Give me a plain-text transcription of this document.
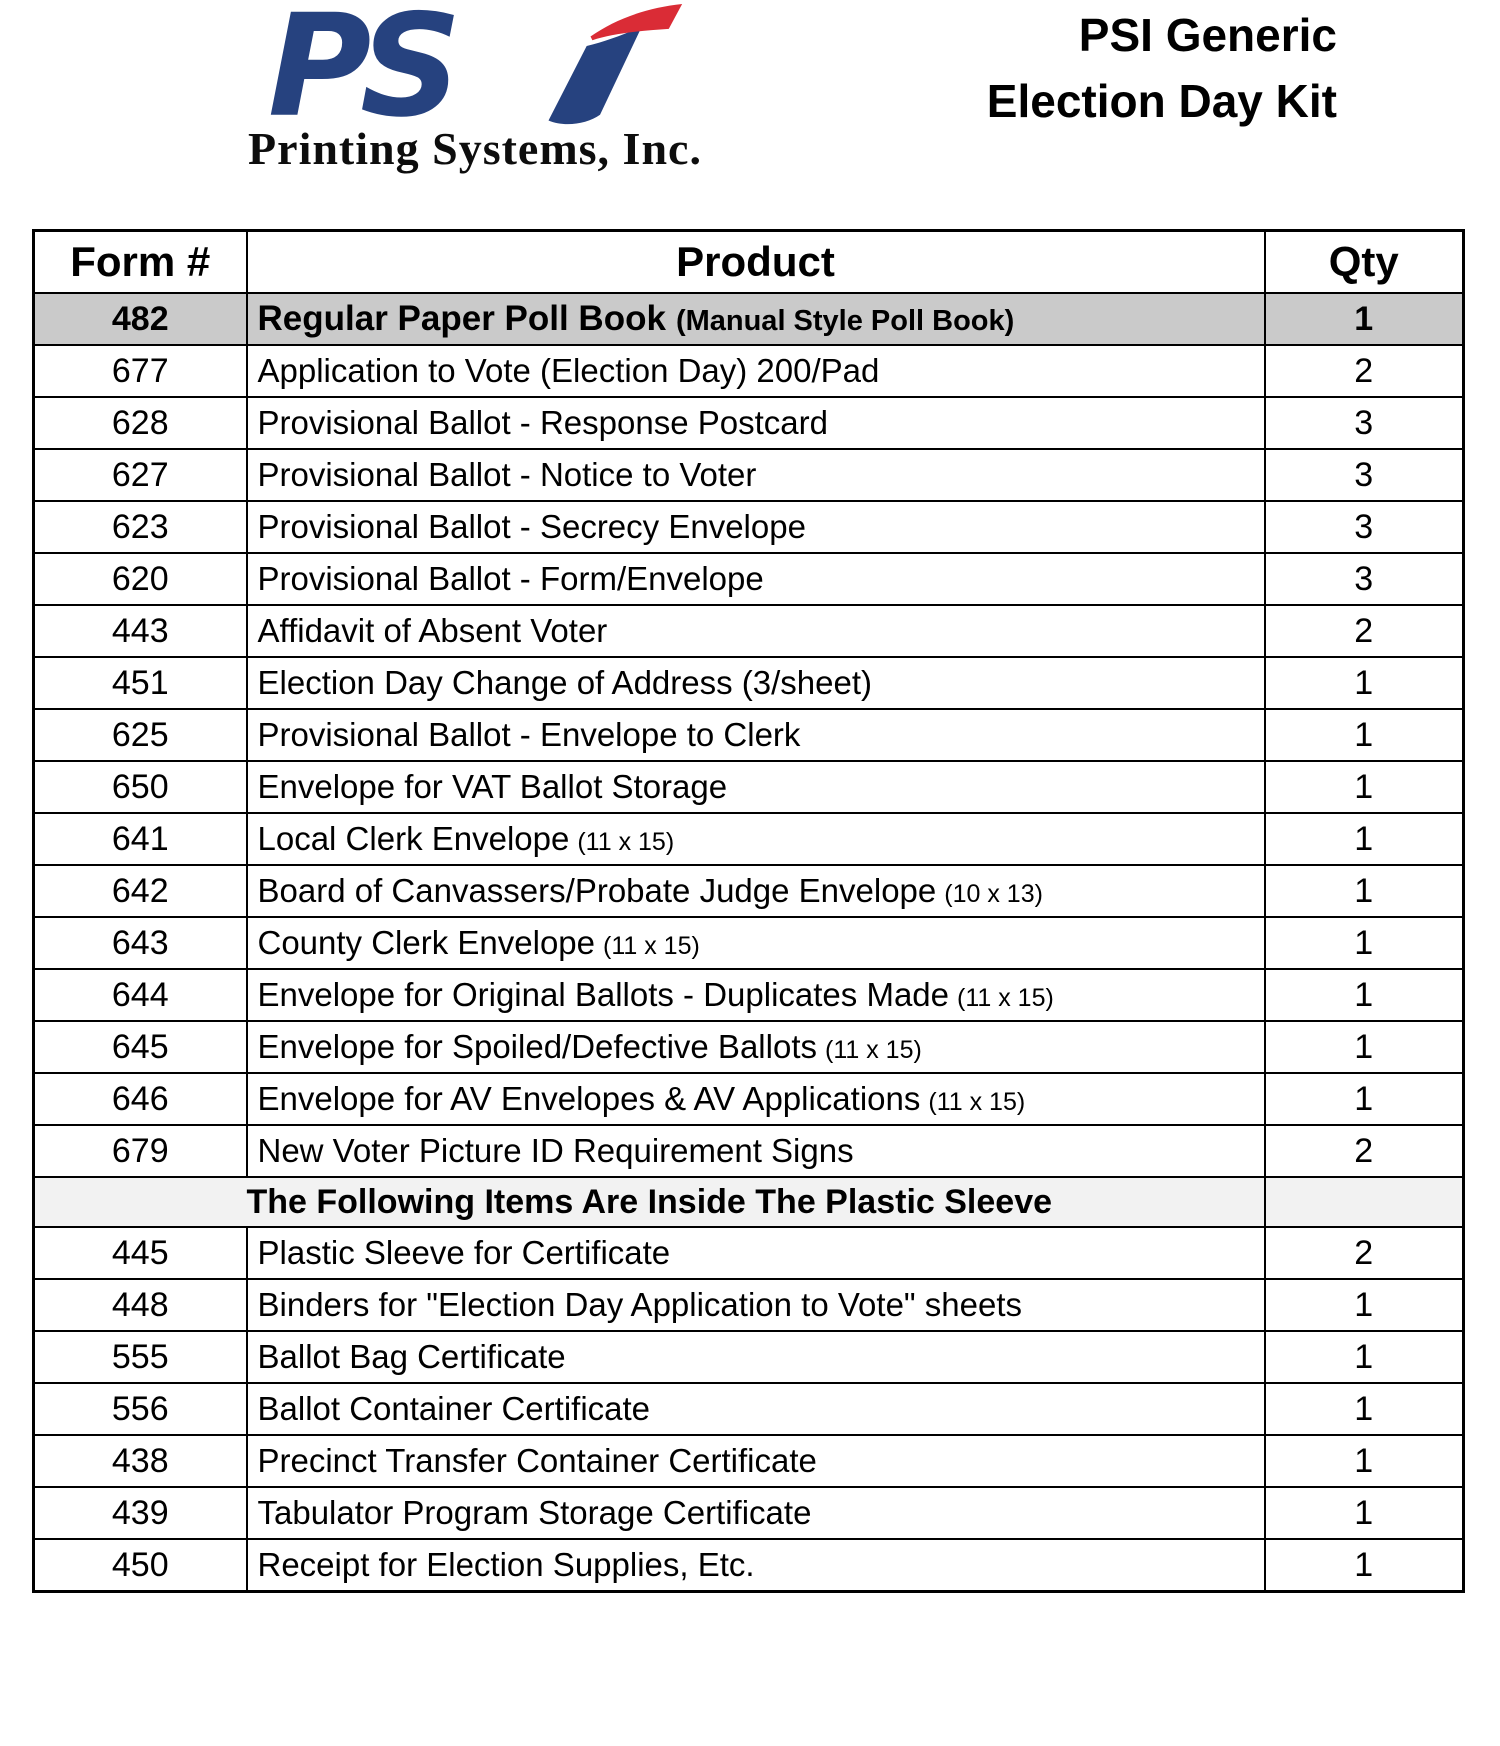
PS
Printing Systems, Inc.
PSI Generic
Election Day Kit
Form #	Product	Qty
482	Regular Paper Poll Book (Manual Style Poll Book)	1
677	Application to Vote (Election Day) 200/Pad	2
628	Provisional Ballot - Response Postcard	3
627	Provisional Ballot - Notice to Voter	3
623	Provisional Ballot - Secrecy Envelope	3
620	Provisional Ballot - Form/Envelope	3
443	Affidavit of Absent Voter	2
451	Election Day Change of Address (3/sheet)	1
625	Provisional Ballot - Envelope to Clerk	1
650	Envelope for VAT Ballot Storage	1
641	Local Clerk Envelope (11 x 15)	1
642	Board of Canvassers/Probate Judge Envelope (10 x 13)	1
643	County Clerk Envelope (11 x 15)	1
644	Envelope for Original Ballots - Duplicates Made (11 x 15)	1
645	Envelope for Spoiled/Defective Ballots (11 x 15)	1
646	Envelope for AV Envelopes & AV Applications (11 x 15)	1
679	New Voter Picture ID Requirement Signs	2
The Following Items Are Inside The Plastic Sleeve		
445	Plastic Sleeve for Certificate	2
448	Binders for "Election Day Application to Vote" sheets	1
555	Ballot Bag Certificate	1
556	Ballot Container Certificate	1
438	Precinct Transfer Container Certificate	1
439	Tabulator Program Storage Certificate	1
450	Receipt for Election Supplies, Etc.	1
